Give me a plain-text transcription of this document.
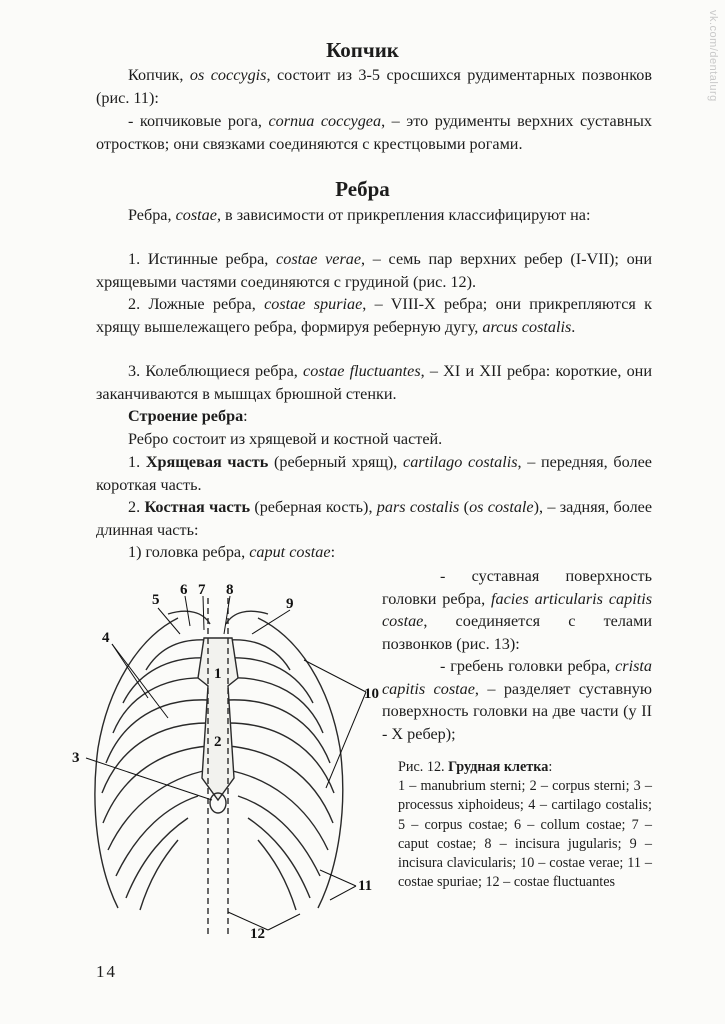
vk.com/dentalurg
Копчик

Копчик, os coccygis, состоит из 3-5 сросшихся рудиментарных позвонков (рис. 11):

- копчиковые рога, cornua coccygea, – это рудименты верхних суставных отростков; они связками соединяются с крестцовыми рогами.

Ребра

Ребра, costae, в зависимости от прикрепления классифицируют на:

1. Истинные ребра, costae verae, – семь пар верхних ребер (I-VII); они хрящевыми частями соединяются с грудиной (рис. 12).

2. Ложные ребра, costae spuriae, – VIII-X ребра; они прикрепляются к хрящу вышележащего ребра, формируя реберную дугу, arcus costalis.

3. Колеблющиеся ребра, costae fluctuantes, – XI и XII ребра: короткие, они заканчиваются в мышцах брюшной стенки.

Строение ребра:

Ребро состоит из хрящевой и костной частей.

1. Хрящевая часть (реберный хрящ), cartilago costalis, – передняя, более короткая часть.

2. Костная часть (реберная кость), pars costalis (os costale), – задняя, более длинная часть:

1) головка ребра, caput costae:

- суставная поверхность головки ребра, facies articularis capitis costae, соединяется с телами позвонков (рис. 13):

- гребень головки ребра, crista capitis costae, – разделяет суставную поверхность головки на две части (у II - X ребер);

5
6 7 8
9
4
1
10
2
3
11
12

Рис. 12. Грудная клетка:
1 – manubrium sterni; 2 – corpus sterni; 3 – processus xiphoideus; 4 – cartilago costalis; 5 – corpus costae; 6 – collum costae; 7 – caput costae; 8 – incisura jugularis; 9 – incisura clavicularis; 10 – costae verae; 11 – costae spuriae; 12 – costae fluctuantes

14
